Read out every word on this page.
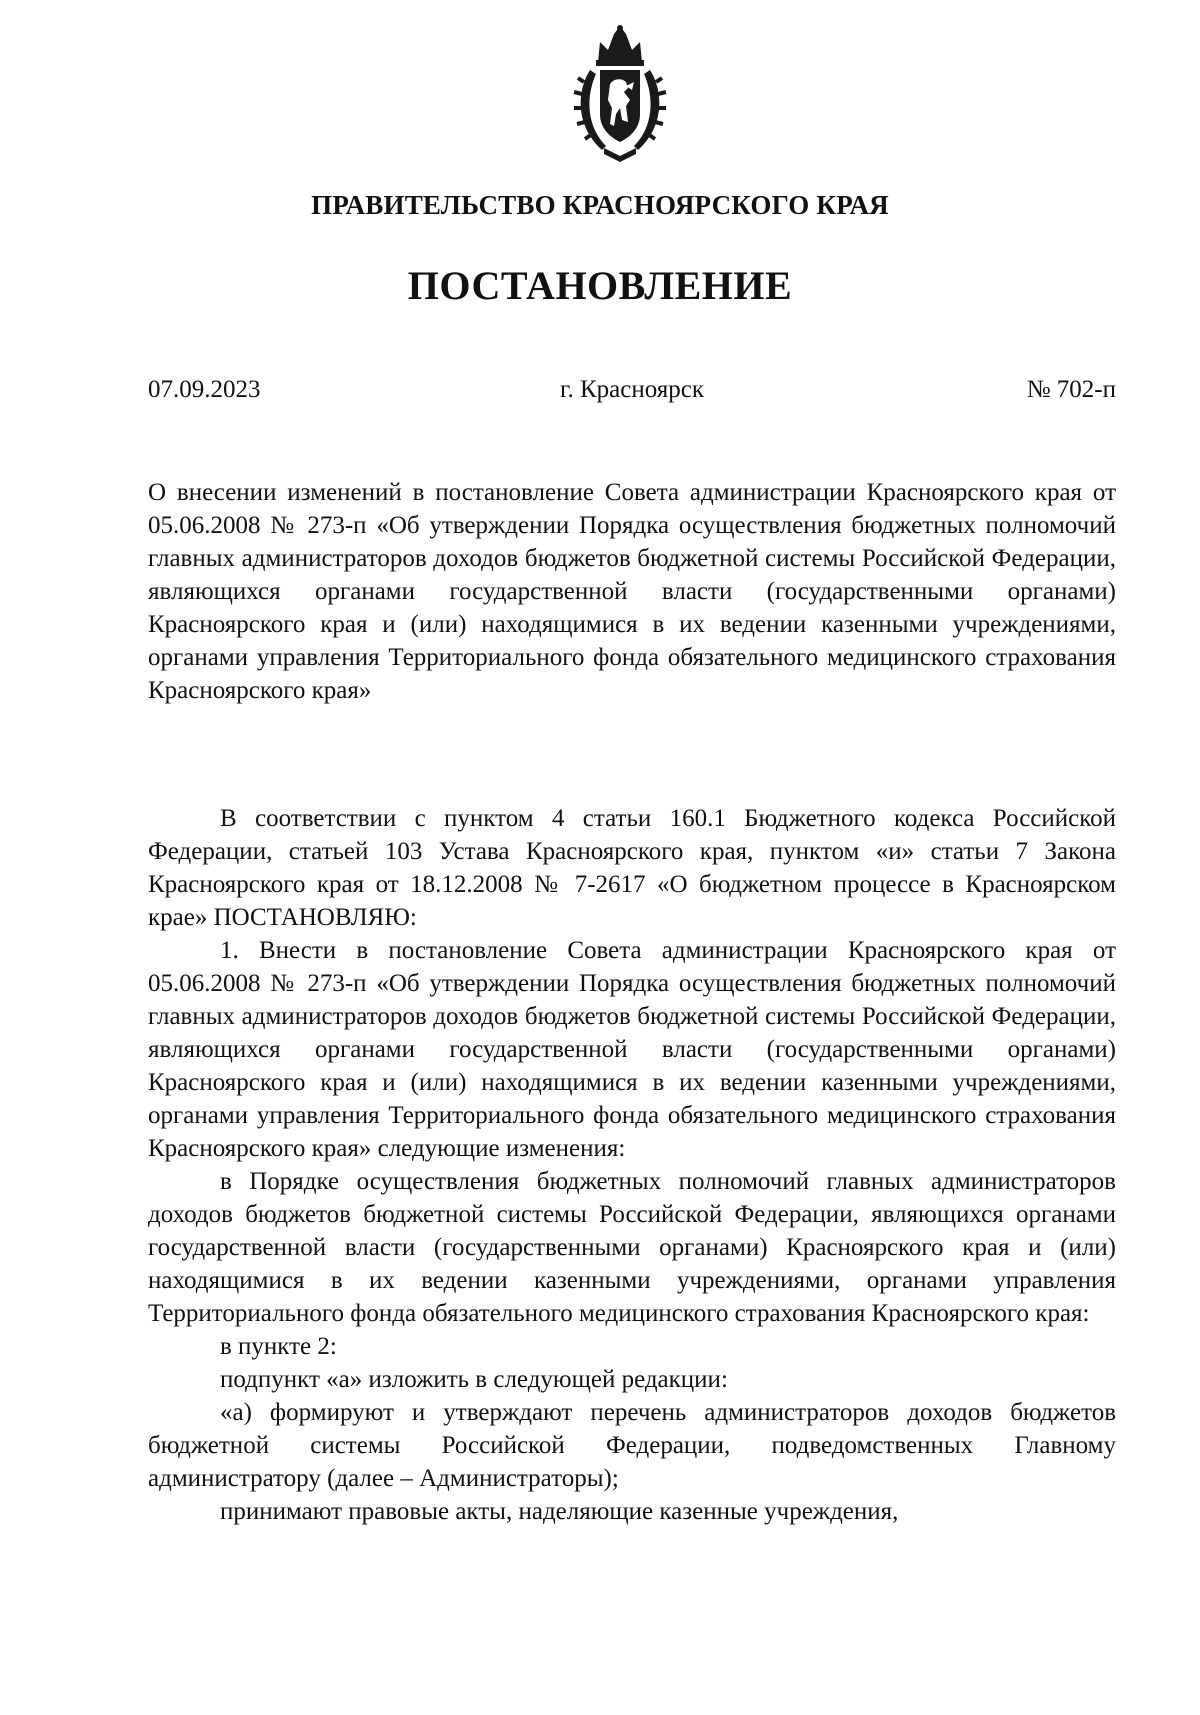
ПРАВИТЕЛЬСТВО КРАСНОЯРСКОГО КРАЯ
ПОСТАНОВЛЕНИЕ
г. Красноярск
07.09.2023	№ 702-п
О внесении изменений в постановление Совета администрации Красноярского края от 05.06.2008 № 273-п «Об утверждении Порядка осуществления бюджетных полномочий главных администраторов доходов бюджетов бюджетной системы Российской Федерации, являющихся органами государственной власти (государственными органами) Красноярского края и (или) находящимися в их ведении казенными учреждениями, органами управления Территориального фонда обязательного медицинского страхования Красноярского края»

В соответствии с пунктом 4 статьи 160.1 Бюджетного кодекса Российской Федерации, статьей 103 Устава Красноярского края, пунктом «и» статьи 7 Закона Красноярского края от 18.12.2008 № 7-2617 «О бюджетном процессе в Красноярском крае» ПОСТАНОВЛЯЮ:

1. Внести в постановление Совета администрации Красноярского края от 05.06.2008 № 273-п «Об утверждении Порядка осуществления бюджетных полномочий главных администраторов доходов бюджетов бюджетной системы Российской Федерации, являющихся органами государственной власти (государственными органами) Красноярского края и (или) находящимися в их ведении казенными учреждениями, органами управления Территориального фонда обязательного медицинского страхования Красноярского края» следующие изменения:

в Порядке осуществления бюджетных полномочий главных администраторов доходов бюджетов бюджетной системы Российской Федерации, являющихся органами государственной власти (государственными органами) Красноярского края и (или) находящимися в их ведении казенными учреждениями, органами управления Территориального фонда обязательного медицинского страхования Красноярского края:

в пункте 2:

подпункт «а» изложить в следующей редакции:

«а) формируют и утверждают перечень администраторов доходов бюджетов бюджетной системы Российской Федерации, подведомственных Главному администратору (далее – Администраторы);

принимают правовые акты, наделяющие казенные учреждения,
